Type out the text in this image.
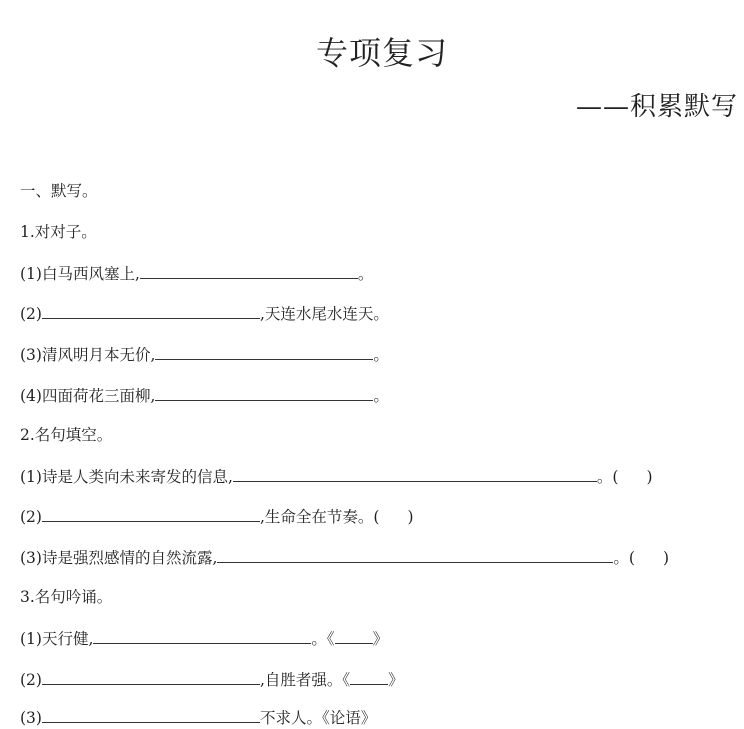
专项复习
——积累默写
一、默写。
1.对对子。
(1)白马西风塞上,	。
(2)	,天连水尾水连天。
(3)清风明月本无价,	。
(4)四面荷花三面柳,	。
2.名句填空。
(1)诗是人类向未来寄发的信息,	。( )
(2)	,生命全在节奏。( )
(3)诗是强烈感情的自然流露,	。( )
3.名句吟诵。
(1)天行健,	。《 》
(2)	,自胜者强。《 》
(3)	不求人。《论语》
